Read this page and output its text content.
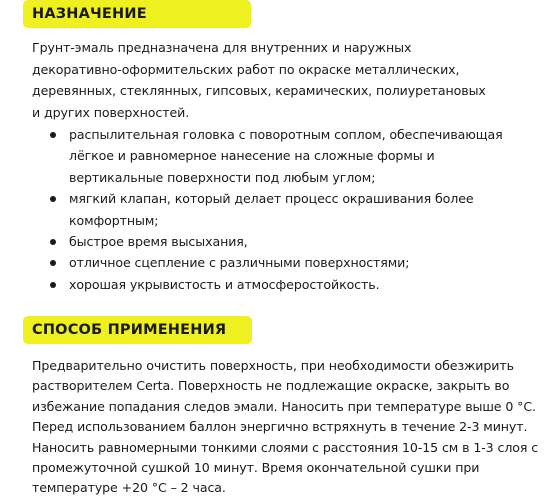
НАЗНАЧЕНИЕ

Грунт-эмаль предназначена для внутренних и наружных
декоративно-оформительских работ по окраске металлических,
деревянных, стеклянных, гипсовых, керамических, полиуретановых
и других поверхностей.

распылительная головка с поворотным соплом, обеспечивающая
лёгкое и равномерное нанесение на сложные формы и
вертикальные поверхности под любым углом;
мягкий клапан, который делает процесс окрашивания более
комфортным;
быстрое время высыхания,
отличное сцепление с различными поверхностями;
хорошая укрывистость и атмосферостойкость.
СПОСОБ ПРИМЕНЕНИЯ

Предварительно очистить поверхность, при необходимости обезжирить
растворителем Certa. Поверхность не подлежащие окраске, закрыть во
избежание попадания следов эмали. Наносить при температуре выше 0 °С.
Перед использованием баллон энергично встряхнуть в течение 2-3 минут.
Наносить равномерными тонкими слоями с расстояния 10-15 см в 1-3 слоя с
промежуточной сушкой 10 минут. Время окончательной сушки при
температуре +20 °С – 2 часа.
